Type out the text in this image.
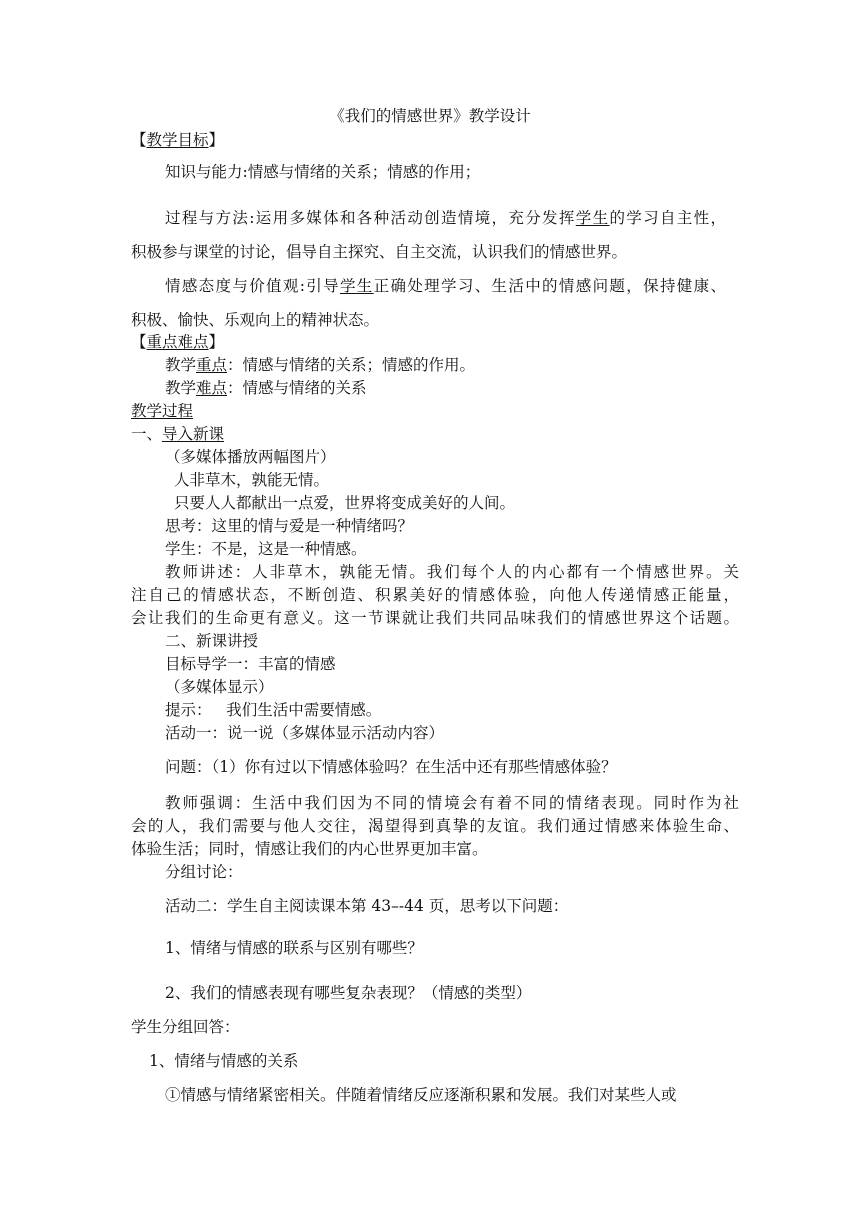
《我们的情感世界》教学设计
【教学目标】
知识与能力:情感与情绪的关系；情感的作用；
过程与方法:运用多媒体和各种活动创造情境，充分发挥学生的学习自主性，
积极参与课堂的讨论，倡导自主探究、自主交流，认识我们的情感世界。
情感态度与价值观:引导学生正确处理学习、生活中的情感问题，保持健康、
积极、愉快、乐观向上的精神状态。
【重点难点】
教学重点：情感与情绪的关系；情感的作用。
教学难点：情感与情绪的关系
教学过程
一、导入新课
（多媒体播放两幅图片）
人非草木，孰能无情。
只要人人都献出一点爱，世界将变成美好的人间。
思考：这里的情与爱是一种情绪吗？
学生：不是，这是一种情感。
教师讲述：人非草木，孰能无情。我们每个人的内心都有一个情感世界。关
注自己的情感状态，不断创造、积累美好的情感体验，向他人传递情感正能量，
会让我们的生命更有意义。这一节课就让我们共同品味我们的情感世界这个话题。
二、新课讲授
目标导学一：丰富的情感
（多媒体显示）
提示：   我们生活中需要情感。
活动一：说一说（多媒体显示活动内容）
问题：（1）你有过以下情感体验吗？在生活中还有那些情感体验？
教师强调：生活中我们因为不同的情境会有着不同的情绪表现。同时作为社
会的人，我们需要与他人交往，渴望得到真挚的友谊。我们通过情感来体验生命、
体验生活；同时，情感让我们的内心世界更加丰富。
分组讨论：
活动二：学生自主阅读课本第 43–-44 页，思考以下问题：
1、情绪与情感的联系与区别有哪些？
2、我们的情感表现有哪些复杂表现？（情感的类型）
学生分组回答：
1、情绪与情感的关系
①情感与情绪紧密相关。伴随着情绪反应逐渐积累和发展。我们对某些人或
